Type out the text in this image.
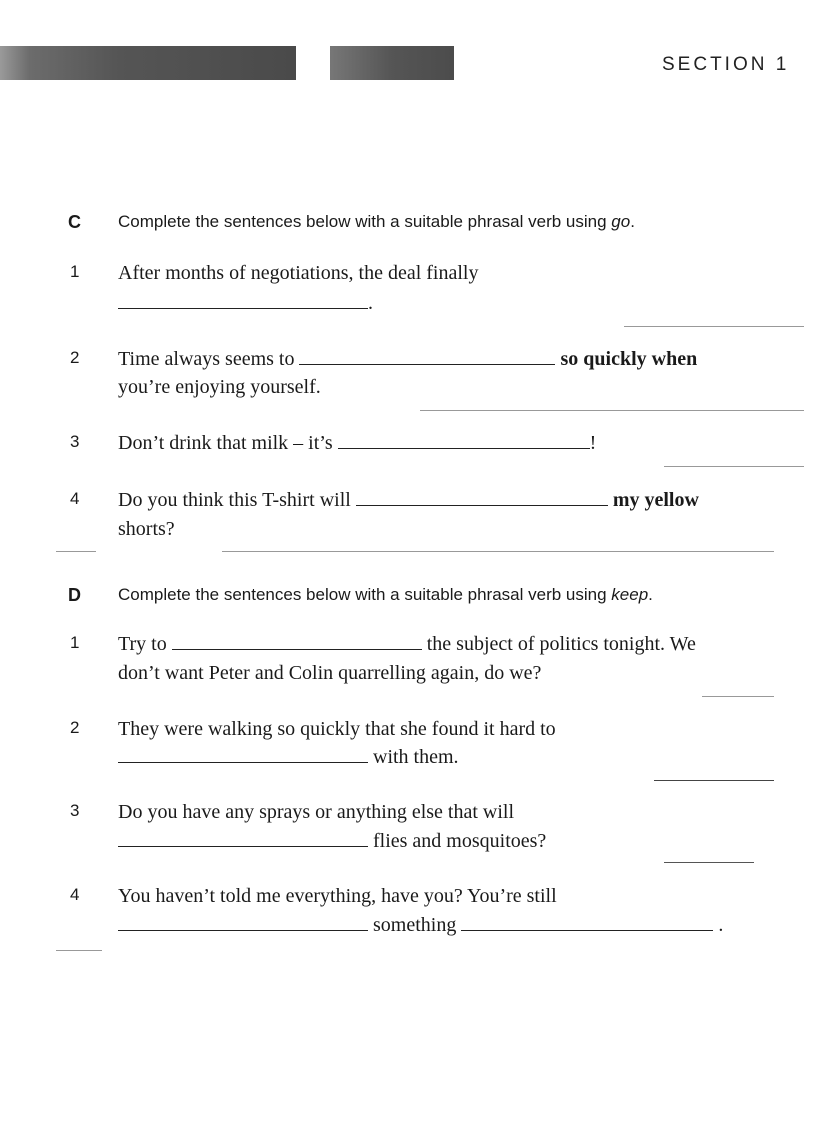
SECTION 1
C Complete the sentences below with a suitable phrasal verb using go.
1 After months of negotiations, the deal finally
.
2 Time always seems to	so quickly when
you’re enjoying yourself.
3 Don’t drink that milk – it’s	!
4 Do you think this T-shirt will	my yellow
shorts?
D Complete the sentences below with a suitable phrasal verb using keep.
1 Try to	the subject of politics tonight. We
don’t want Peter and Colin quarrelling again, do we?
2 They were walking so quickly that she found it hard to
with them.
3 Do you have any sprays or anything else that will
flies and mosquitoes?
4 You haven’t told me everything, have you? You’re still
something	.
